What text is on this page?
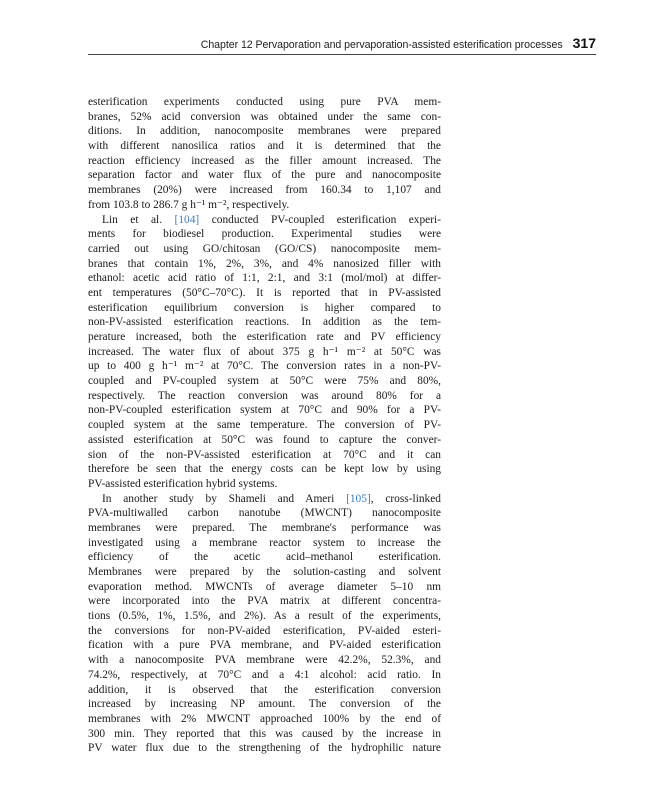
Chapter 12 Pervaporation and pervaporation-assisted esterification processes 317
esterification experiments conducted using pure PVA mem-
branes, 52% acid conversion was obtained under the same con-
ditions. In addition, nanocomposite membranes were prepared
with different nanosilica ratios and it is determined that the
reaction efficiency increased as the filler amount increased. The
separation factor and water flux of the pure and nanocomposite
membranes (20%) were increased from 160.34 to 1,107 and
from 103.8 to 286.7 g h⁻¹ m⁻², respectively.
Lin et al. [104] conducted PV-coupled esterification experi-
ments for biodiesel production. Experimental studies were
carried out using GO/chitosan (GO/CS) nanocomposite mem-
branes that contain 1%, 2%, 3%, and 4% nanosized filler with
ethanol: acetic acid ratio of 1:1, 2:1, and 3:1 (mol/mol) at differ-
ent temperatures (50°C–70°C). It is reported that in PV-assisted
esterification equilibrium conversion is higher compared to
non-PV-assisted esterification reactions. In addition as the tem-
perature increased, both the esterification rate and PV efficiency
increased. The water flux of about 375 g h⁻¹ m⁻² at 50°C was
up to 400 g h⁻¹ m⁻² at 70°C. The conversion rates in a non-PV-
coupled and PV-coupled system at 50°C were 75% and 80%,
respectively. The reaction conversion was around 80% for a
non-PV-coupled esterification system at 70°C and 90% for a PV-
coupled system at the same temperature. The conversion of PV-
assisted esterification at 50°C was found to capture the conver-
sion of the non-PV-assisted esterification at 70°C and it can
therefore be seen that the energy costs can be kept low by using
PV-assisted esterification hybrid systems.
In another study by Shameli and Ameri [105], cross-linked
PVA-multiwalled carbon nanotube (MWCNT) nanocomposite
membranes were prepared. The membrane's performance was
investigated using a membrane reactor system to increase the
efficiency of the acetic acid–methanol esterification.
Membranes were prepared by the solution-casting and solvent
evaporation method. MWCNTs of average diameter 5–10 nm
were incorporated into the PVA matrix at different concentra-
tions (0.5%, 1%, 1.5%, and 2%). As a result of the experiments,
the conversions for non-PV-aided esterification, PV-aided esteri-
fication with a pure PVA membrane, and PV-aided esterification
with a nanocomposite PVA membrane were 42.2%, 52.3%, and
74.2%, respectively, at 70°C and a 4:1 alcohol: acid ratio. In
addition, it is observed that the esterification conversion
increased by increasing NP amount. The conversion of the
membranes with 2% MWCNT approached 100% by the end of
300 min. They reported that this was caused by the increase in
PV water flux due to the strengthening of the hydrophilic nature
